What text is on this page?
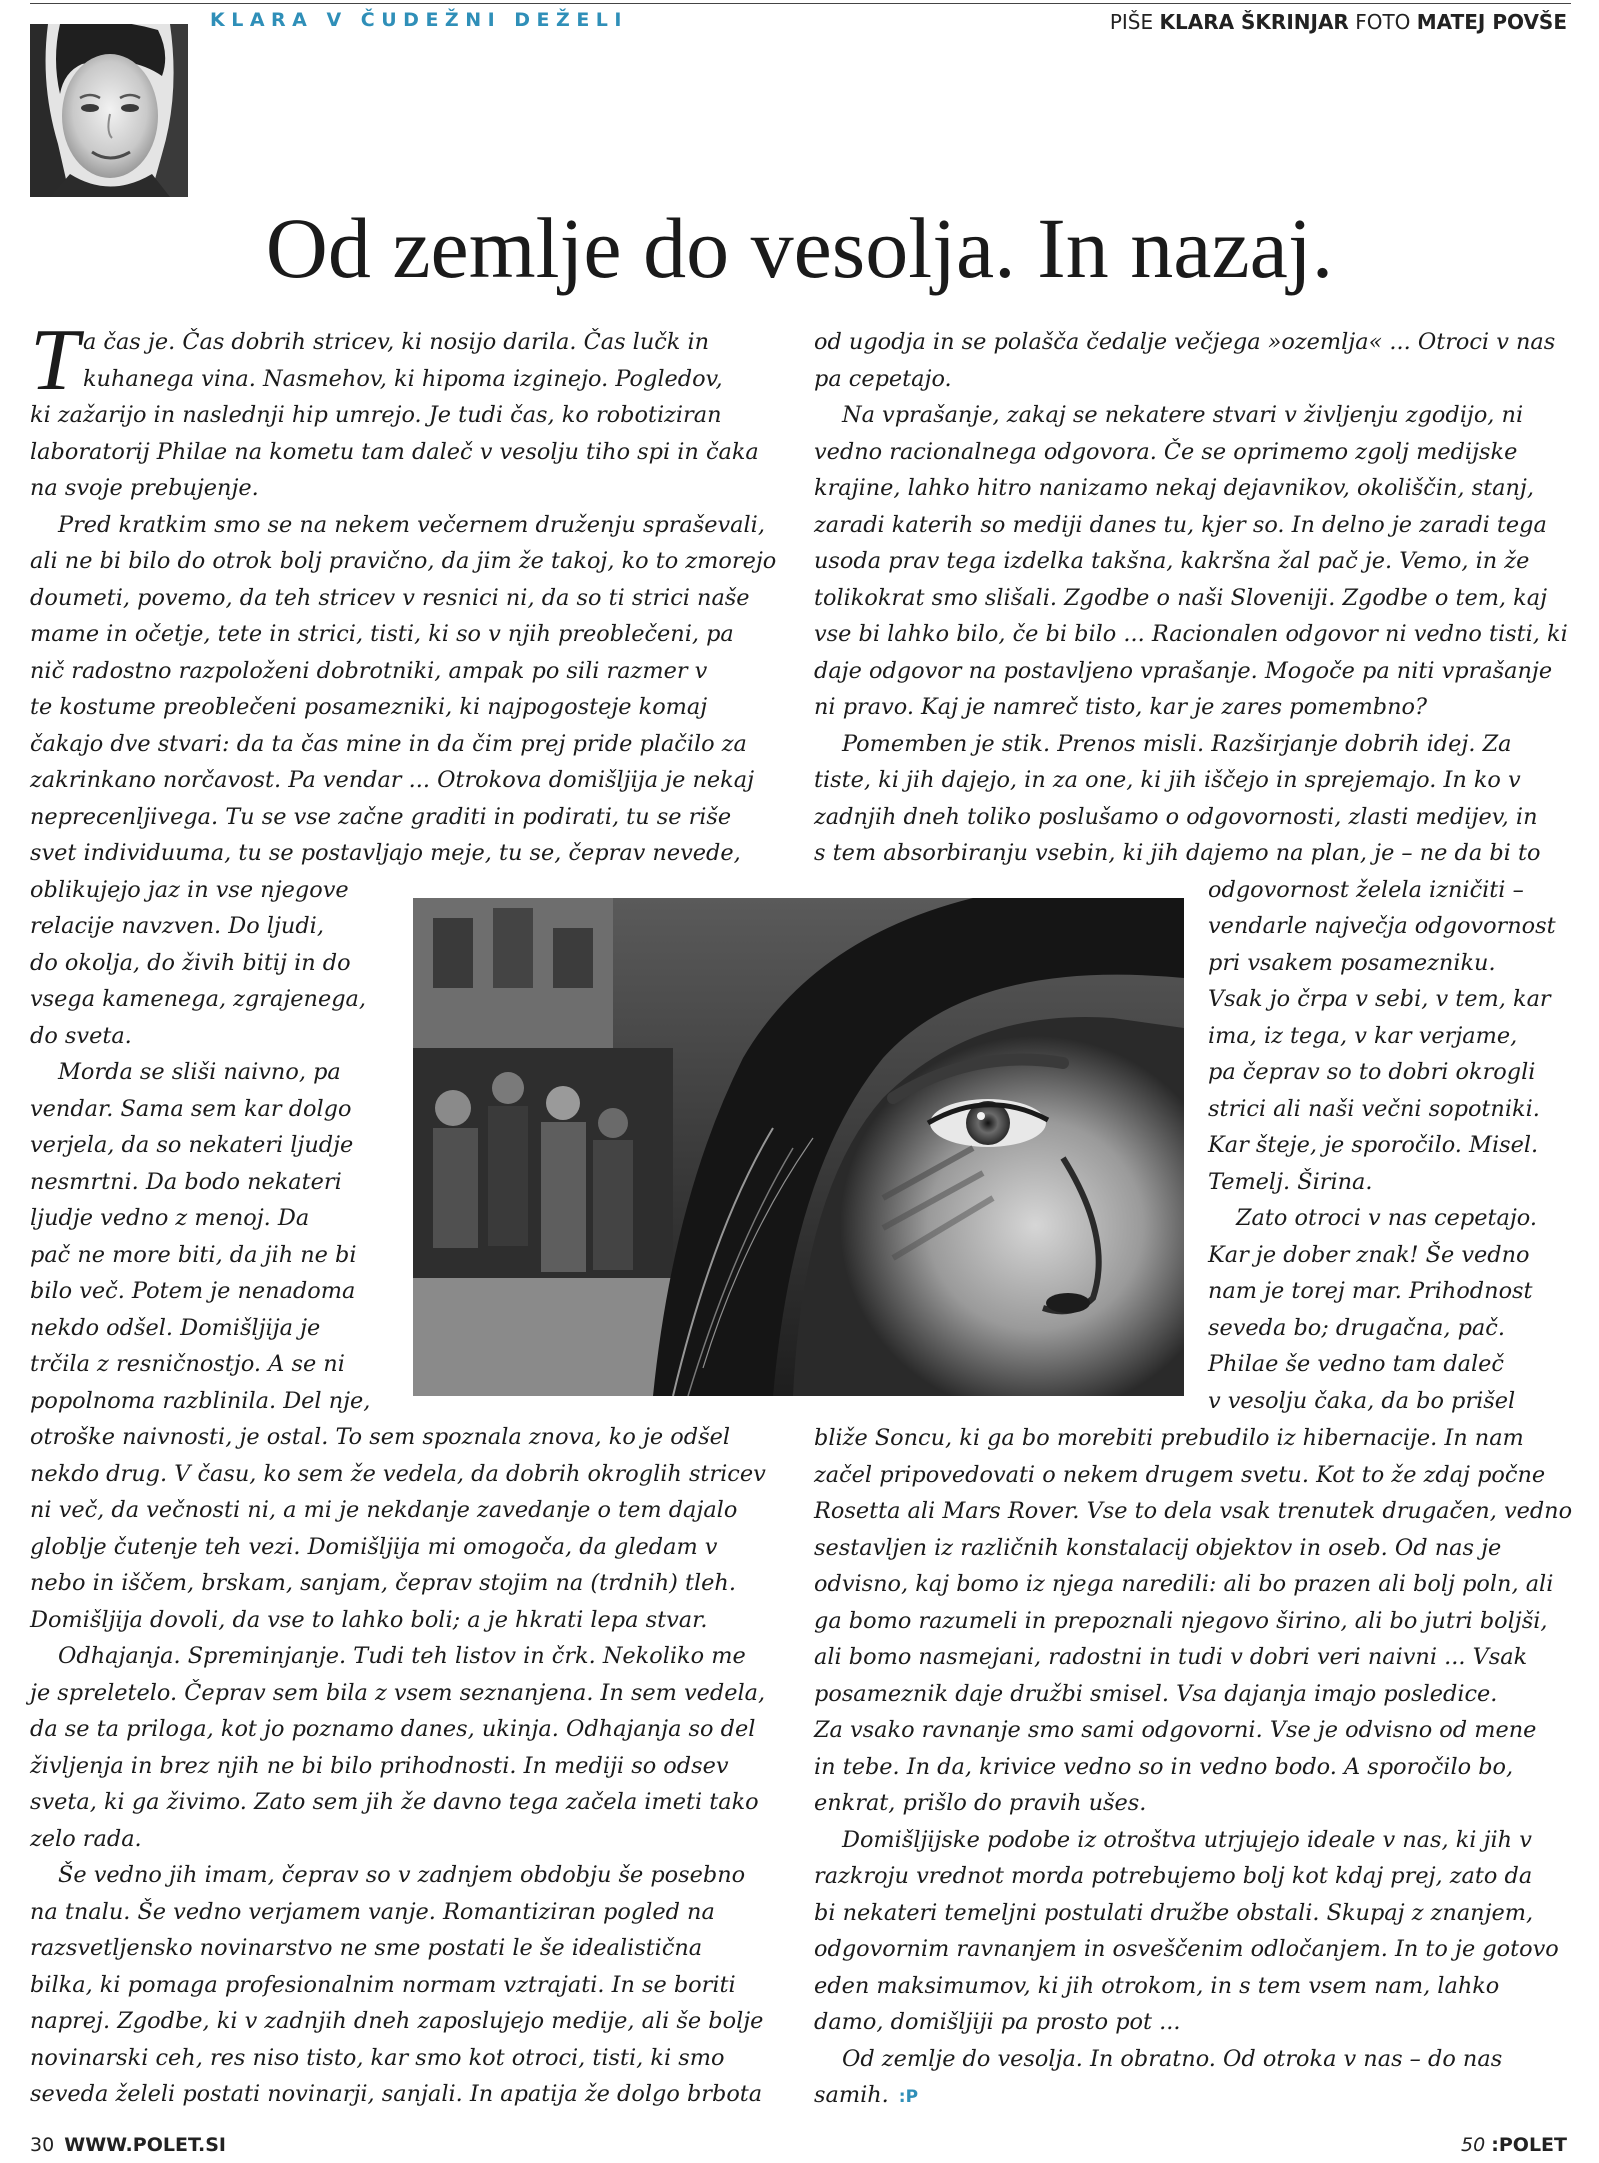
KLARA V ČUDEŽNI DEŽELI	PIŠE KLARA ŠKRINJAR FOTO MATEJ POVŠE
Od zemlje do vesolja. In nazaj.

T a čas je. Čas dobrih stricev, ki nosijo darila. Čas lučk in
kuhanega vina. Nasmehov, ki hipoma izginejo. Pogledov,
ki zažarijo in naslednji hip umrejo. Je tudi čas, ko robotiziran
laboratorij Philae na kometu tam daleč v vesolju tiho spi in čaka
na svoje prebujenje.

Pred kratkim smo se na nekem večernem druženju spraševali,

ali ne bi bilo do otrok bolj pravično, da jim že takoj, ko to zmorejo
doumeti, povemo, da teh stricev v resnici ni, da so ti strici naše
mame in očetje, tete in strici, tisti, ki so v njih preoblečeni, pa
nič radostno razpoloženi dobrotniki, ampak po sili razmer v
te kostume preoblečeni posamezniki, ki najpogosteje komaj
čakajo dve stvari: da ta čas mine in da čim prej pride plačilo za
zakrinkano norčavost. Pa vendar ... Otrokova domišljija je nekaj
neprecenljivega. Tu se vse začne graditi in podirati, tu se riše
svet individuuma, tu se postavljajo meje, tu se, čeprav nevede,
oblikujejo jaz in vse njegove
relacije navzven. Do ljudi,
do okolja, do živih bitij in do
vsega kamenega, zgrajenega,
do sveta.

Morda se sliši naivno, pa

vendar. Sama sem kar dolgo
verjela, da so nekateri ljudje
nesmrtni. Da bodo nekateri
ljudje vedno z menoj. Da
pač ne more biti, da jih ne bi
bilo več. Potem je nenadoma
nekdo odšel. Domišljija je
trčila z resničnostjo. A se ni
popolnoma razblinila. Del nje,
otroške naivnosti, je ostal. To sem spoznala znova, ko je odšel
nekdo drug. V času, ko sem že vedela, da dobrih okroglih stricev
ni več, da večnosti ni, a mi je nekdanje zavedanje o tem dajalo
globlje čutenje teh vezi. Domišljija mi omogoča, da gledam v
nebo in iščem, brskam, sanjam, čeprav stojim na (trdnih) tleh.
Domišljija dovoli, da vse to lahko boli; a je hkrati lepa stvar.

Odhajanja. Spreminjanje. Tudi teh listov in črk. Nekoliko me

je spreletelo. Čeprav sem bila z vsem seznanjena. In sem vedela,
da se ta priloga, kot jo poznamo danes, ukinja. Odhajanja so del
življenja in brez njih ne bi bilo prihodnosti. In mediji so odsev
sveta, ki ga živimo. Zato sem jih že davno tega začela imeti tako
zelo rada.

Še vedno jih imam, čeprav so v zadnjem obdobju še posebno

na tnalu. Še vedno verjamem vanje. Romantiziran pogled na
razsvetljensko novinarstvo ne sme postati le še idealistična
bilka, ki pomaga profesionalnim normam vztrajati. In se boriti
naprej. Zgodbe, ki v zadnjih dneh zaposlujejo medije, ali še bolje
novinarski ceh, res niso tisto, kar smo kot otroci, tisti, ki smo
seveda želeli postati novinarji, sanjali. In apatija že dolgo brbota

od ugodja in se polašča čedalje večjega »ozemlja« ... Otroci v nas
pa cepetajo.

Na vprašanje, zakaj se nekatere stvari v življenju zgodijo, ni

vedno racionalnega odgovora. Če se oprimemo zgolj medijske
krajine, lahko hitro nanizamo nekaj dejavnikov, okoliščin, stanj,
zaradi katerih so mediji danes tu, kjer so. In delno je zaradi tega
usoda prav tega izdelka takšna, kakršna žal pač je. Vemo, in že
tolikokrat smo slišali. Zgodbe o naši Sloveniji. Zgodbe o tem, kaj
vse bi lahko bilo, če bi bilo ... Racionalen odgovor ni vedno tisti, ki
daje odgovor na postavljeno vprašanje. Mogoče pa niti vprašanje
ni pravo. Kaj je namreč tisto, kar je zares pomembno?

Pomemben je stik. Prenos misli. Razširjanje dobrih idej. Za

tiste, ki jih dajejo, in za one, ki jih iščejo in sprejemajo. In ko v
zadnjih dneh toliko poslušamo o odgovornosti, zlasti medijev, in
s tem absorbiranju vsebin, ki jih dajemo na plan, je – ne da bi to

odgovornost želela izničiti –
vendarle največja odgovornost
pri vsakem posamezniku.
Vsak jo črpa v sebi, v tem, kar
ima, iz tega, v kar verjame,
pa čeprav so to dobri okrogli
strici ali naši večni sopotniki.
Kar šteje, je sporočilo. Misel.
Temelj. Širina.

Zato otroci v nas cepetajo.

Kar je dober znak! Še vedno
nam je torej mar. Prihodnost
seveda bo; drugačna, pač.
Philae še vedno tam daleč
v vesolju čaka, da bo prišel

bliže Soncu, ki ga bo morebiti prebudilo iz hibernacije. In nam
začel pripovedovati o nekem drugem svetu. Kot to že zdaj počne
Rosetta ali Mars Rover. Vse to dela vsak trenutek drugačen, vedno
sestavljen iz različnih konstalacij objektov in oseb. Od nas je
odvisno, kaj bomo iz njega naredili: ali bo prazen ali bolj poln, ali
ga bomo razumeli in prepoznali njegovo širino, ali bo jutri boljši,
ali bomo nasmejani, radostni in tudi v dobri veri naivni ... Vsak
posameznik daje družbi smisel. Vsa dajanja imajo posledice.
Za vsako ravnanje smo sami odgovorni. Vse je odvisno od mene
in tebe. In da, krivice vedno so in vedno bodo. A sporočilo bo,
enkrat, prišlo do pravih ušes.

Domišljijske podobe iz otroštva utrjujejo ideale v nas, ki jih v

razkroju vrednot morda potrebujemo bolj kot kdaj prej, zato da
bi nekateri temeljni postulati družbe obstali. Skupaj z znanjem,
odgovornim ravnanjem in osveščenim odločanjem. In to je gotovo
eden maksimumov, ki jih otrokom, in s tem vsem nam, lahko
damo, domišljiji pa prosto pot ...

Od zemlje do vesolja. In obratno. Od otroka v nas – do nas

samih. :P

30 WWW.POLET.SI	50 :POLET
